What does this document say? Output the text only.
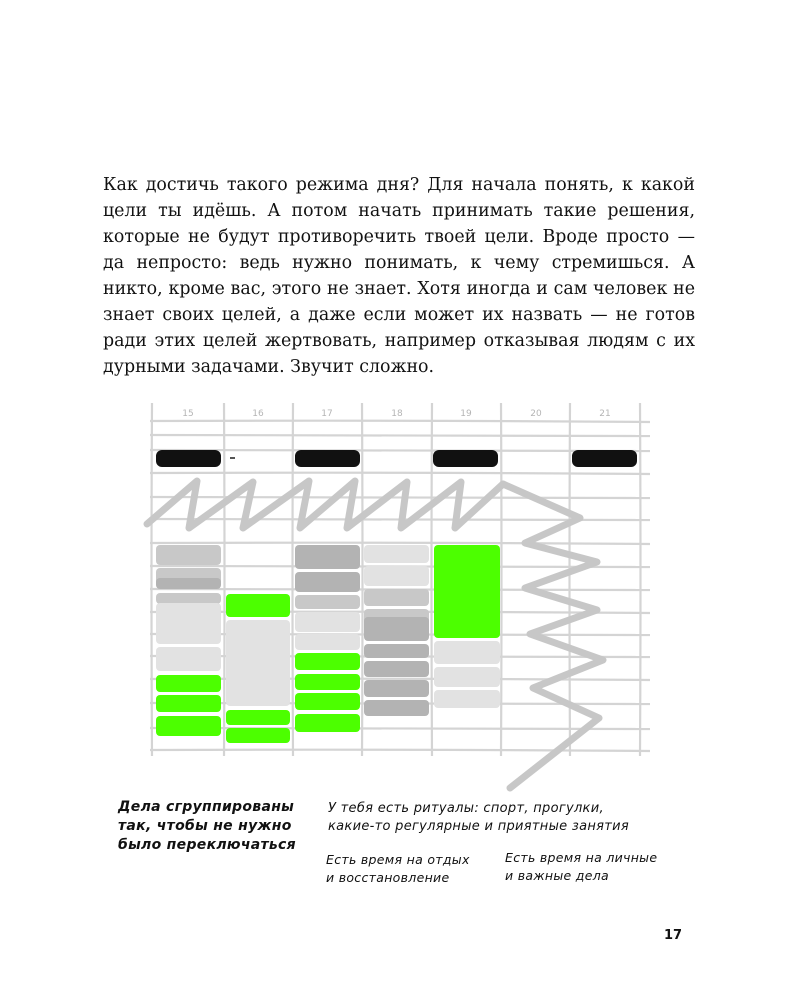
Как достичь такого режима дня? Для начала понять, к какой цели ты идёшь. А потом начать принимать такие решения, которые не будут противоречить твоей цели. Вроде просто — да непросто: ведь нужно понимать, к чему стремишься. А никто, кроме вас, этого не знает. Хотя иногда и сам человек не знает своих целей, а даже если может их назвать — не готов ради этих целей жертвовать, например отказывая людям с их дурными задачами. Звучит сложно.

15	16	17	18	19	20	21

Дела сгруппированы
так, чтобы не нужно
было переключаться

У тебя есть ритуалы: спорт, прогулки,
какие-то регулярные и приятные занятия

Есть время на отдых
и восстановление

Есть время на личные
и важные дела

17
